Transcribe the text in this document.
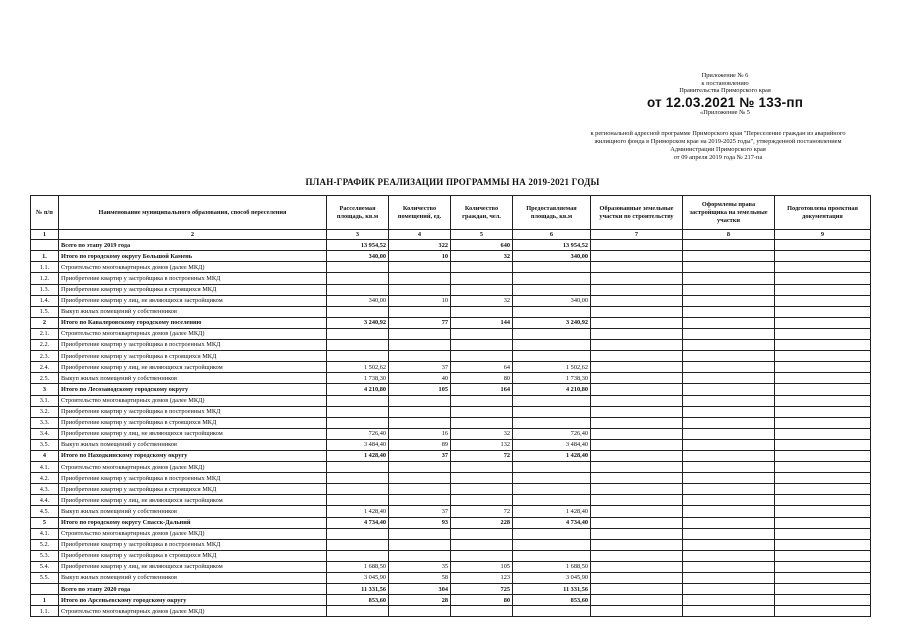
Приложение № 6
к постановлению
Правительства Приморского края
от 12.03.2021 № 133-пп
«Приложение № 5
к региональной адресной программе Приморского края "Переселение граждан из аварийного
жилищного фонда в Приморском крае на 2019-2025 годы", утвержденной постановлением
Администрации Приморского края
от 09 апреля 2019 года № 217-па
ПЛАН-ГРАФИК РЕАЛИЗАЦИИ ПРОГРАММЫ НА 2019-2021 ГОДЫ
№ п/п	Наименование муниципального образования, способ переселения	Расселяемая площадь, кв.м	Количество помещений, ед.	Количество граждан, чел.	Предоставляемая площадь, кв.м	Образованные земельные участки по строительству	Оформлены права застройщика на земельные участки	Подготовлена проектная документация
1	2	3	4	5	6	7	8	9
	Всего по этапу 2019 года	13 954,52	322	640	13 954,52			
1.	Итого по городскому округу Большой Камень	340,00	10	32	340,00			
1.1.	Строительство многоквартирных домов (далее МКД)							
1.2.	Приобретение квартир у застройщика в построенных МКД							
1.3.	Приобретение квартир у застройщика в строящихся МКД							
1.4.	Приобретение квартир у лиц, не являющихся застройщиком	340,00	10	32	340,00			
1.5.	Выкуп жилых помещений у собственников							
2	Итого по Кавалеровскому городскому поселению	3 240,92	77	144	3 240,92			
2.1.	Строительство многоквартирных домов (далее МКД)							
2.2.	Приобретение квартир у застройщика в построенных МКД							
2.3.	Приобретение квартир у застройщика в строящихся МКД							
2.4.	Приобретение квартир у лиц, не являющихся застройщиком	1 502,62	37	64	1 502,62			
2.5.	Выкуп жилых помещений у собственников	1 738,30	40	80	1 738,30			
3	Итого по Лесозаводскому городскому округу	4 210,80	105	164	4 210,80			
3.1.	Строительство многоквартирных домов (далее МКД)							
3.2.	Приобретение квартир у застройщика в построенных МКД							
3.3.	Приобретение квартир у застройщика в строящихся МКД							
3.4.	Приобретение квартир у лиц, не являющихся застройщиком	726,40	16	32	726,40			
3.5.	Выкуп жилых помещений у собственников	3 484,40	89	132	3 484,40			
4	Итого по Находкинскому городскому округу	1 428,40	37	72	1 428,40			
4.1.	Строительство многоквартирных домов (далее МКД)							
4.2.	Приобретение квартир у застройщика в построенных МКД							
4.3.	Приобретение квартир у застройщика в строящихся МКД							
4.4.	Приобретение квартир у лиц, не являющихся застройщиком							
4.5.	Выкуп жилых помещений у собственников	1 428,40	37	72	1 428,40			
5	Итого по городскому округу Спасск-Дальний	4 734,40	93	228	4 734,40			
4.1.	Строительство многоквартирных домов (далее МКД)							
5.2.	Приобретение квартир у застройщика в построенных МКД							
5.3.	Приобретение квартир у застройщика в строящихся МКД							
5.4.	Приобретение квартир у лиц, не являющихся застройщиком	1 688,50	35	105	1 688,50			
5.5.	Выкуп жилых помещений у собственников	3 045,90	58	123	3 045,90			
	Всего по этапу 2020 года	11 331,56	304	725	11 331,56			
1	Итого по Арсеньевскому городскому округу	853,60	28	80	853,60			
1.1.	Строительство многоквартирных домов (далее МКД)							
